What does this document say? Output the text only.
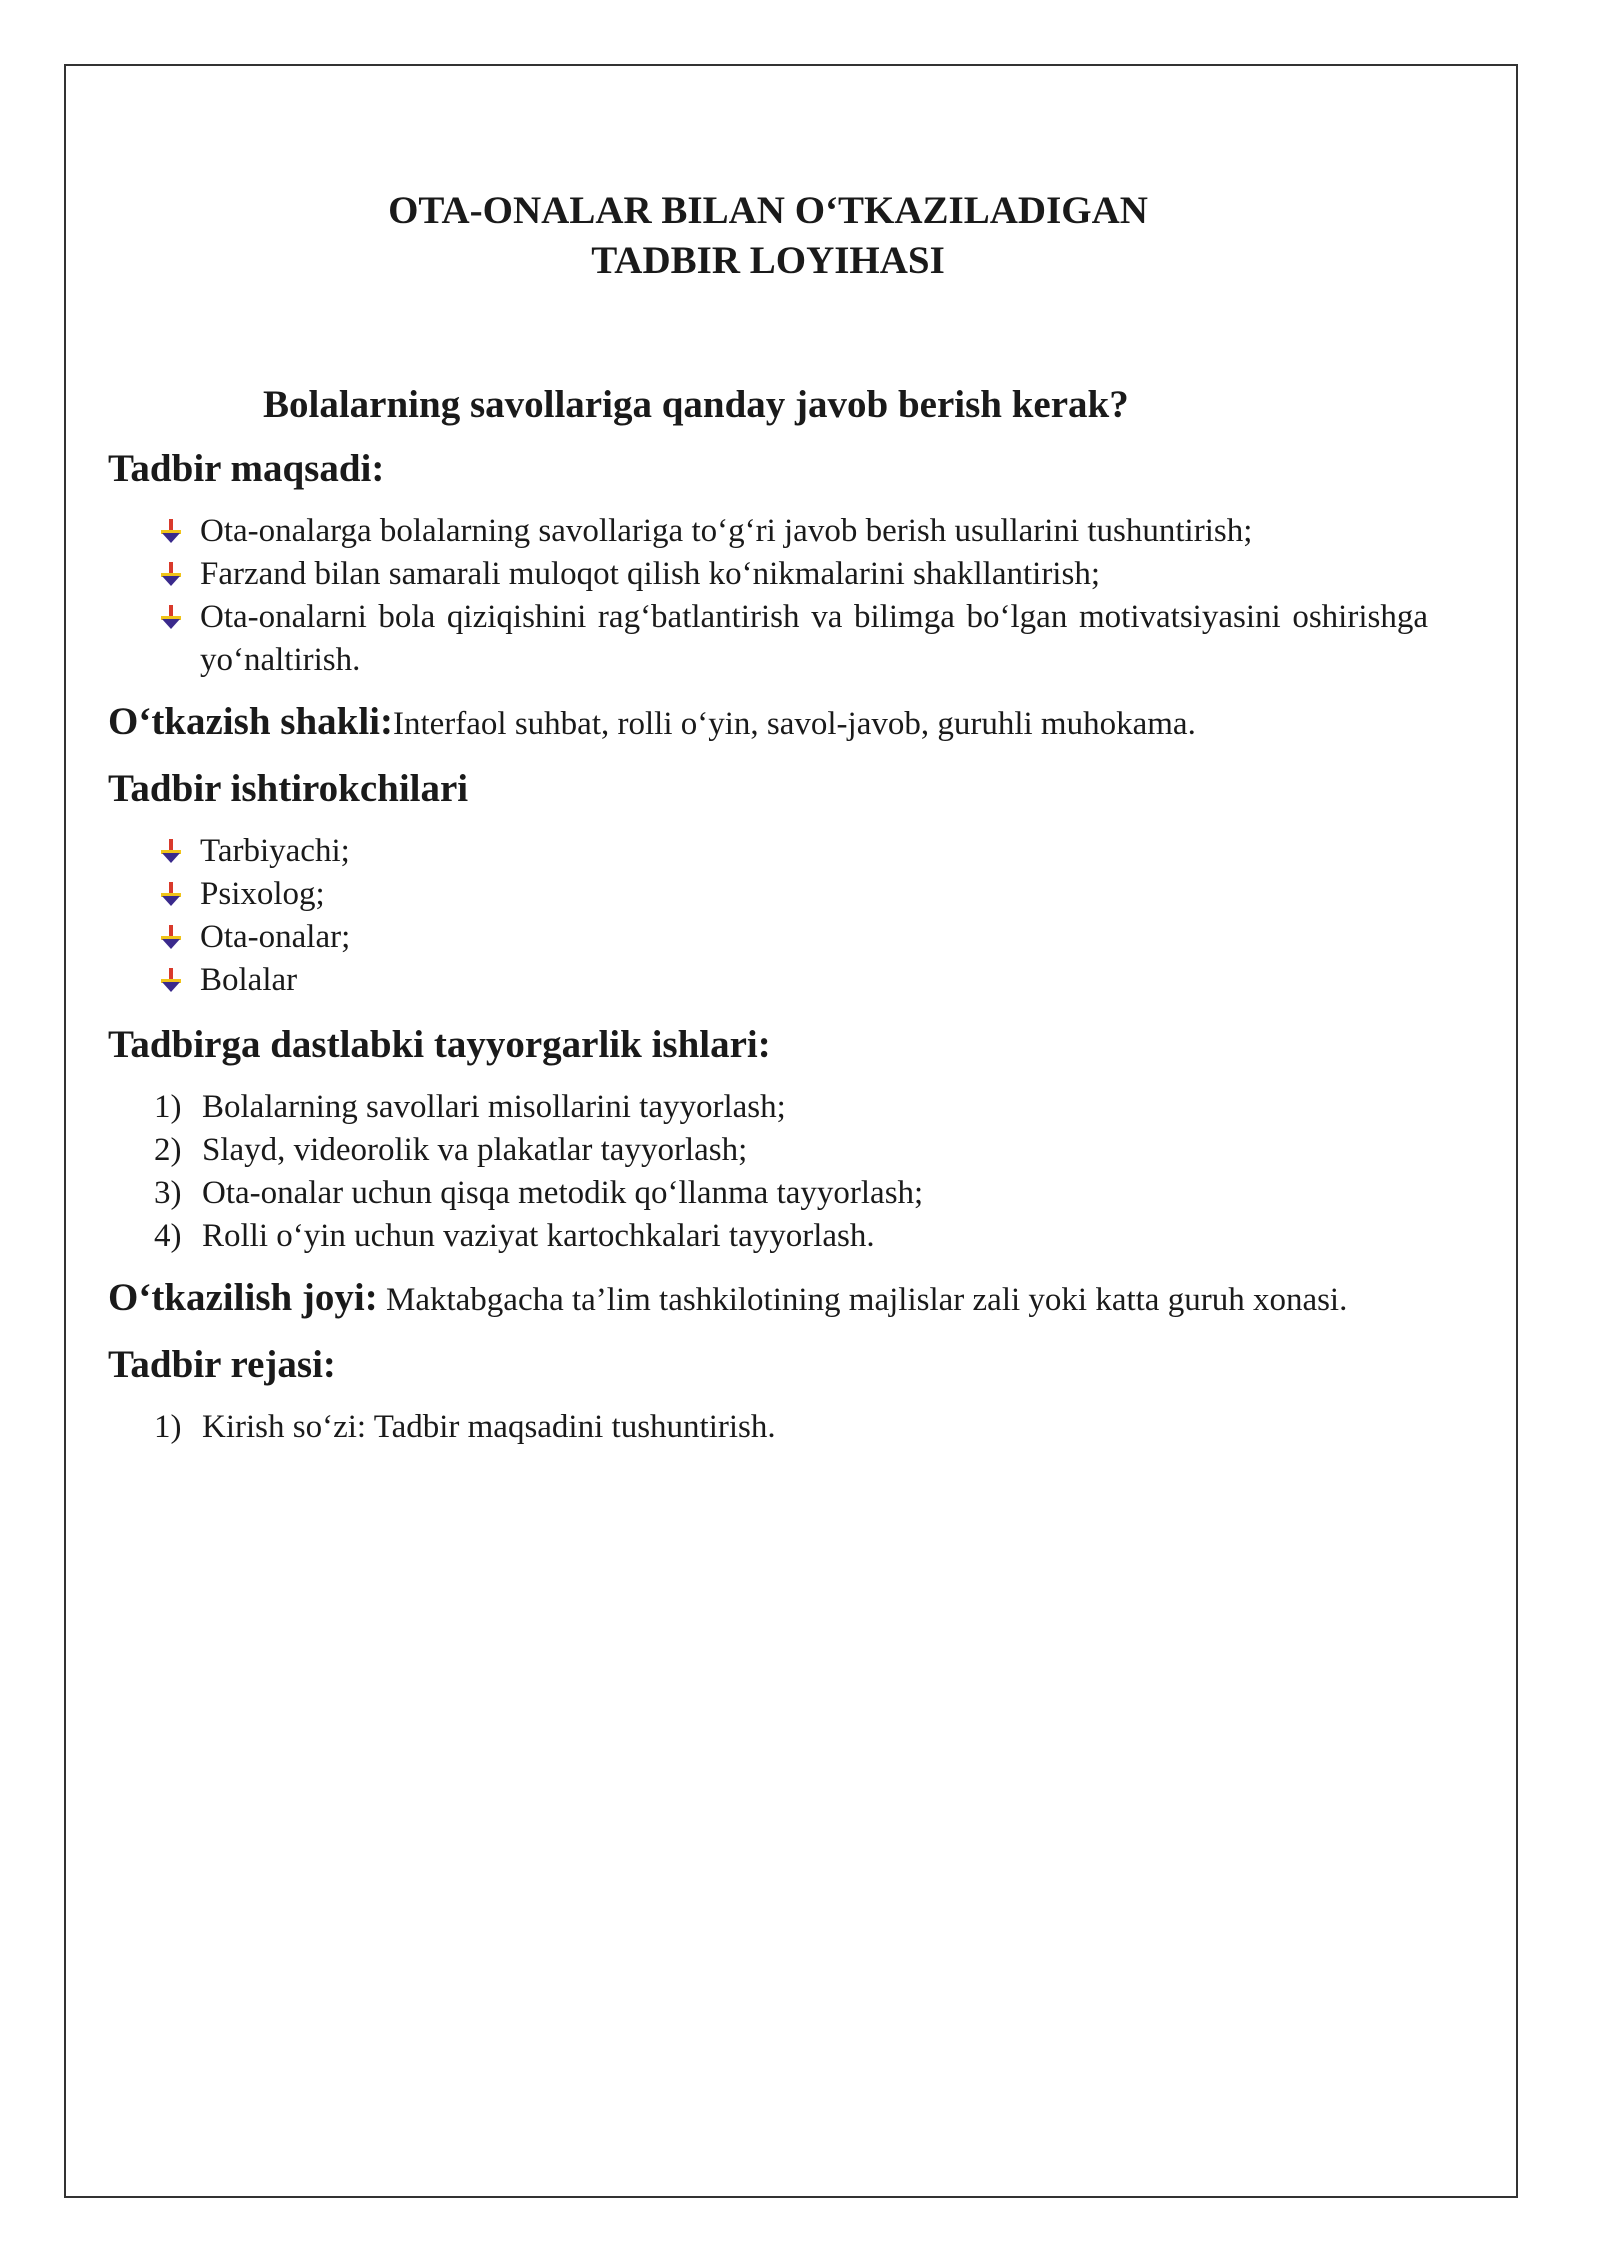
OTA-ONALAR BILAN O‘TKAZILADIGAN
TADBIR LOYIHASI

Bolalarning savollariga qanday javob berish kerak?

Tadbir maqsadi:

Ota-onalarga bolalarning savollariga to‘g‘ri javob berish usullarini tushuntirish;
Farzand bilan samarali muloqot qilish ko‘nikmalarini shakllantirish;
Ota-onalarni bola qiziqishini rag‘batlantirish va bilimga bo‘lgan motivatsiyasini oshirishga yo‘naltirish.

O‘tkazish shakli:Interfaol suhbat, rolli o‘yin, savol-javob, guruhli muhokama.

Tadbir ishtirokchilari

Tarbiyachi;
Psixolog;
Ota-onalar;
Bolalar

Tadbirga dastlabki tayyorgarlik ishlari:

1) Bolalarning savollari misollarini tayyorlash;
2) Slayd, videorolik va plakatlar tayyorlash;
3) Ota-onalar uchun qisqa metodik qo‘llanma tayyorlash;
4) Rolli o‘yin uchun vaziyat kartochkalari tayyorlash.

O‘tkazilish joyi: Maktabgacha ta’lim tashkilotining majlislar zali yoki katta guruh xonasi.

Tadbir rejasi:

1) Kirish so‘zi: Tadbir maqsadini tushuntirish.
